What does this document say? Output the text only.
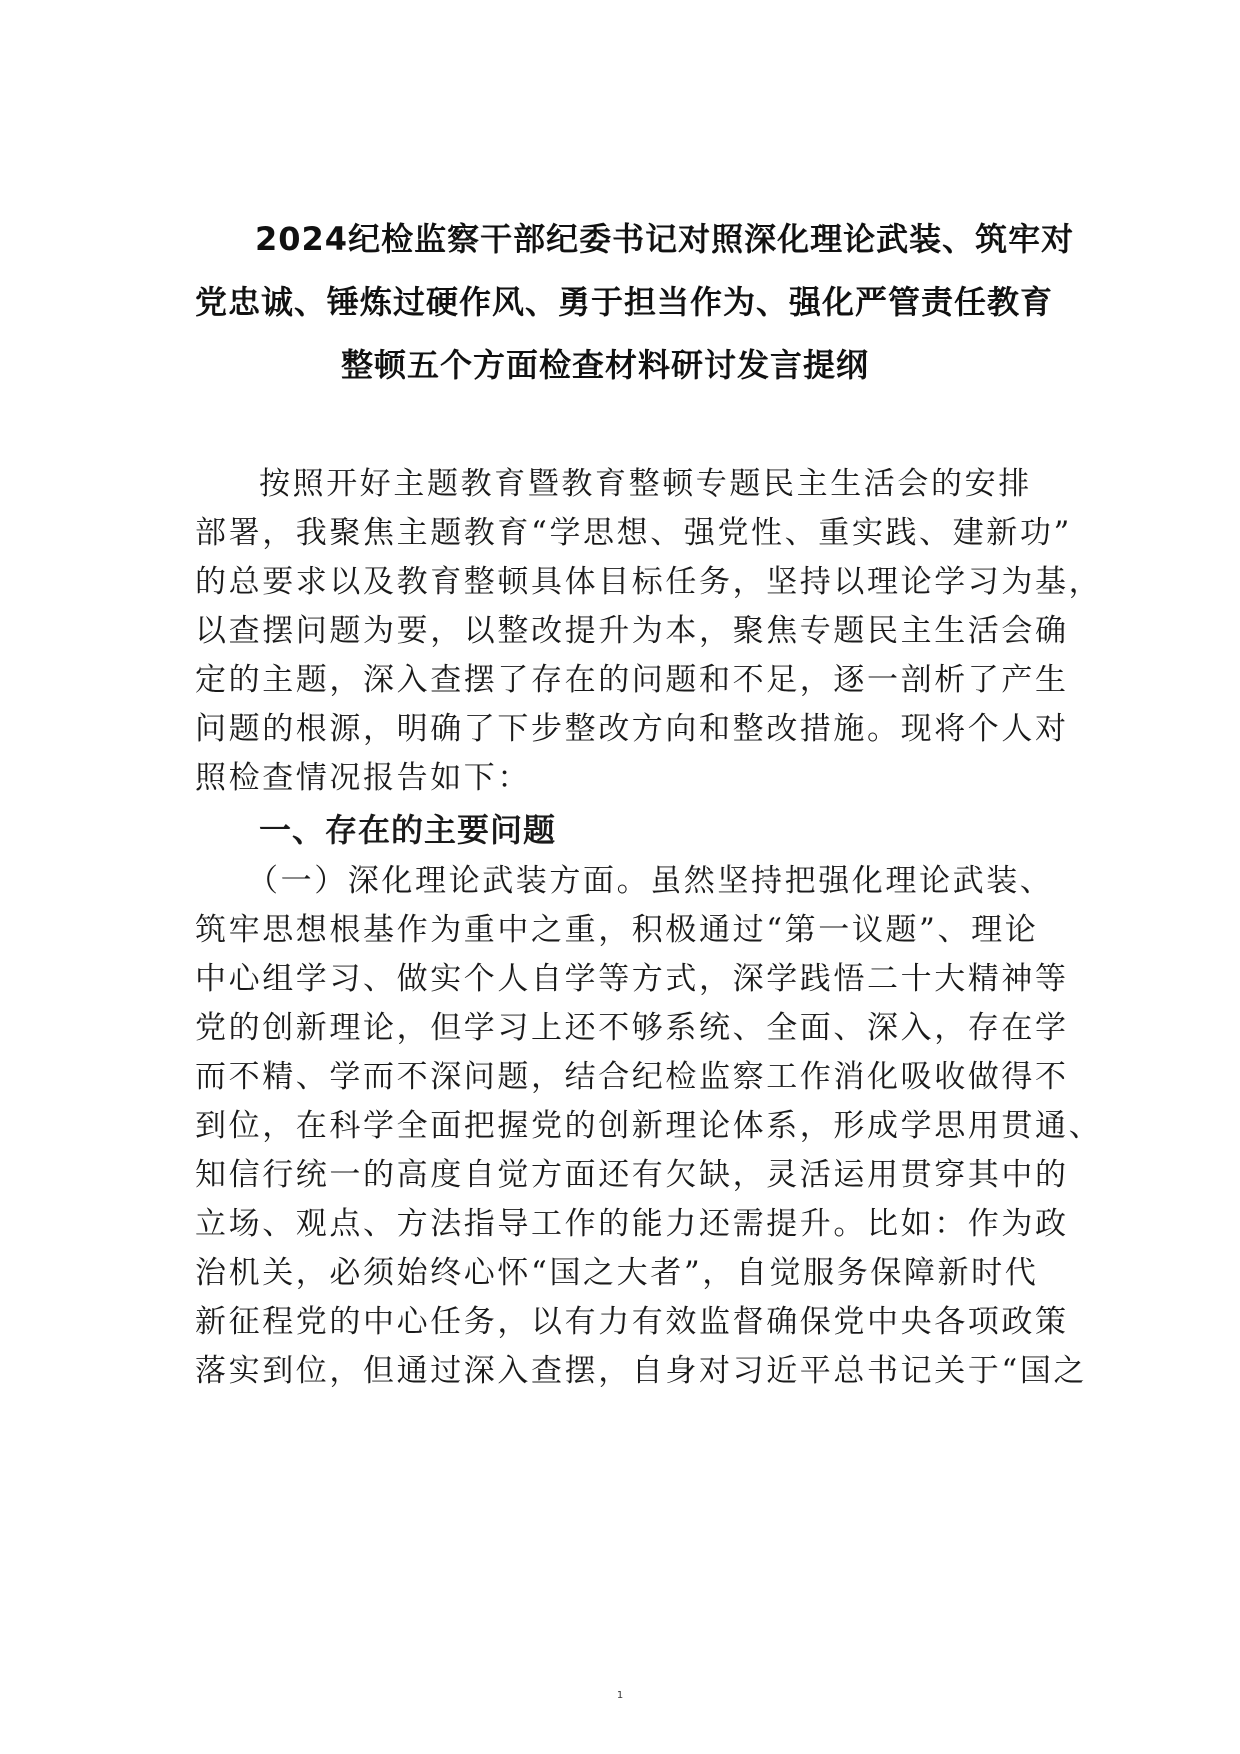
2024纪检监察干部纪委书记对照深化理论武装、筑牢对
党忠诚、锤炼过硬作风、勇于担当作为、强化严管责任教育
整顿五个方面检查材料研讨发言提纲
按照开好主题教育暨教育整顿专题民主生活会的安排
部署，我聚焦主题教育“学思想、强党性、重实践、建新功”
的总要求以及教育整顿具体目标任务，坚持以理论学习为基，
以查摆问题为要，以整改提升为本，聚焦专题民主生活会确
定的主题，深入查摆了存在的问题和不足，逐一剖析了产生
问题的根源，明确了下步整改方向和整改措施。现将个人对
照检查情况报告如下：
一、存在的主要问题
（一）深化理论武装方面。虽然坚持把强化理论武装、
筑牢思想根基作为重中之重，积极通过“第一议题”、理论
中心组学习、做实个人自学等方式，深学践悟二十大精神等
党的创新理论，但学习上还不够系统、全面、深入，存在学
而不精、学而不深问题，结合纪检监察工作消化吸收做得不
到位，在科学全面把握党的创新理论体系，形成学思用贯通、
知信行统一的高度自觉方面还有欠缺，灵活运用贯穿其中的
立场、观点、方法指导工作的能力还需提升。比如：作为政
治机关，必须始终心怀“国之大者”，自觉服务保障新时代
新征程党的中心任务，以有力有效监督确保党中央各项政策
落实到位，但通过深入查摆，自身对习近平总书记关于“国之
1
